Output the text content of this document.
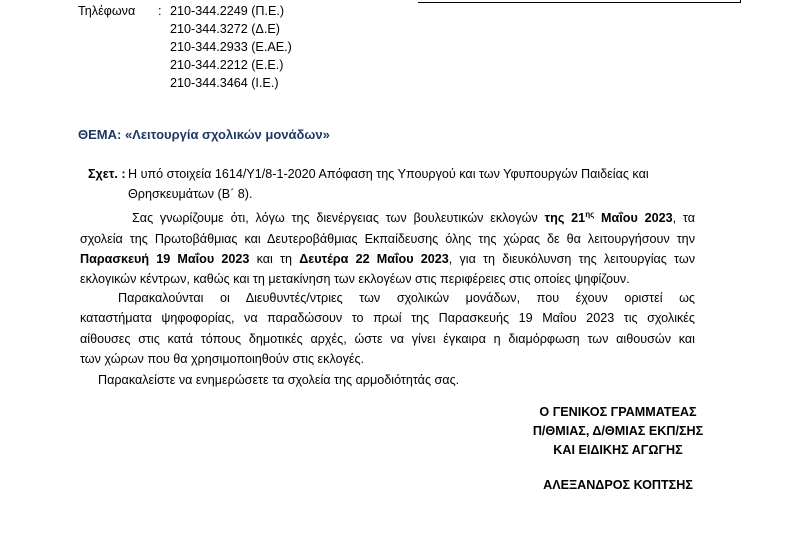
Τηλέφωνα : 210-344.2249 (Π.Ε.)
210-344.3272 (Δ.Ε)
210-344.2933 (Ε.ΑΕ.)
210-344.2212 (Ε.Ε.)
210-344.3464 (Ι.Ε.)
ΘΕΜΑ: «Λειτουργία σχολικών μονάδων»
Σχετ. : Η υπό στοιχεία 1614/Υ1/8-1-2020 Απόφαση της Υπουργού και των Υφυπουργών Παιδείας και
Θρησκευμάτων (Β΄ 8).
Σας γνωρίζουμε ότι, λόγω της διενέργειας των βουλευτικών εκλογών της $21^{\eta\varsigma}$ Μαΐου 2023, τα
σχολεία της Πρωτοβάθμιας και Δευτεροβάθμιας Εκπαίδευσης όλης της χώρας δε θα λειτουργήσουν την
Παρασκευή 19 Μαΐου 2023 και τη Δευτέρα 22 Μαΐου 2023, για τη διευκόλυνση της λειτουργίας των
εκλογικών κέντρων, καθώς και τη μετακίνηση των εκλογέων στις περιφέρειες στις οποίες ψηφίζουν.
Παρακαλούνται οι Διευθυντές/ντριες των σχολικών μονάδων, που έχουν οριστεί ως
καταστήματα ψηφοφορίας, να παραδώσουν το πρωί της Παρασκευής 19 Μαΐου 2023 τις σχολικές
αίθουσες στις κατά τόπους δημοτικές αρχές, ώστε να γίνει έγκαιρα η διαμόρφωση των αιθουσών και
των χώρων που θα χρησιμοποιηθούν στις εκλογές.
Παρακαλείστε να ενημερώσετε τα σχολεία της αρμοδιότητάς σας.
Ο ΓΕΝΙΚΟΣ ΓΡΑΜΜΑΤΕΑΣ
Π/ΘΜΙΑΣ, Δ/ΘΜΙΑΣ ΕΚΠ/ΣΗΣ
ΚΑΙ ΕΙΔΙΚΗΣ ΑΓΩΓΗΣ
ΑΛΕΞΑΝΔΡΟΣ ΚΟΠΤΣΗΣ
